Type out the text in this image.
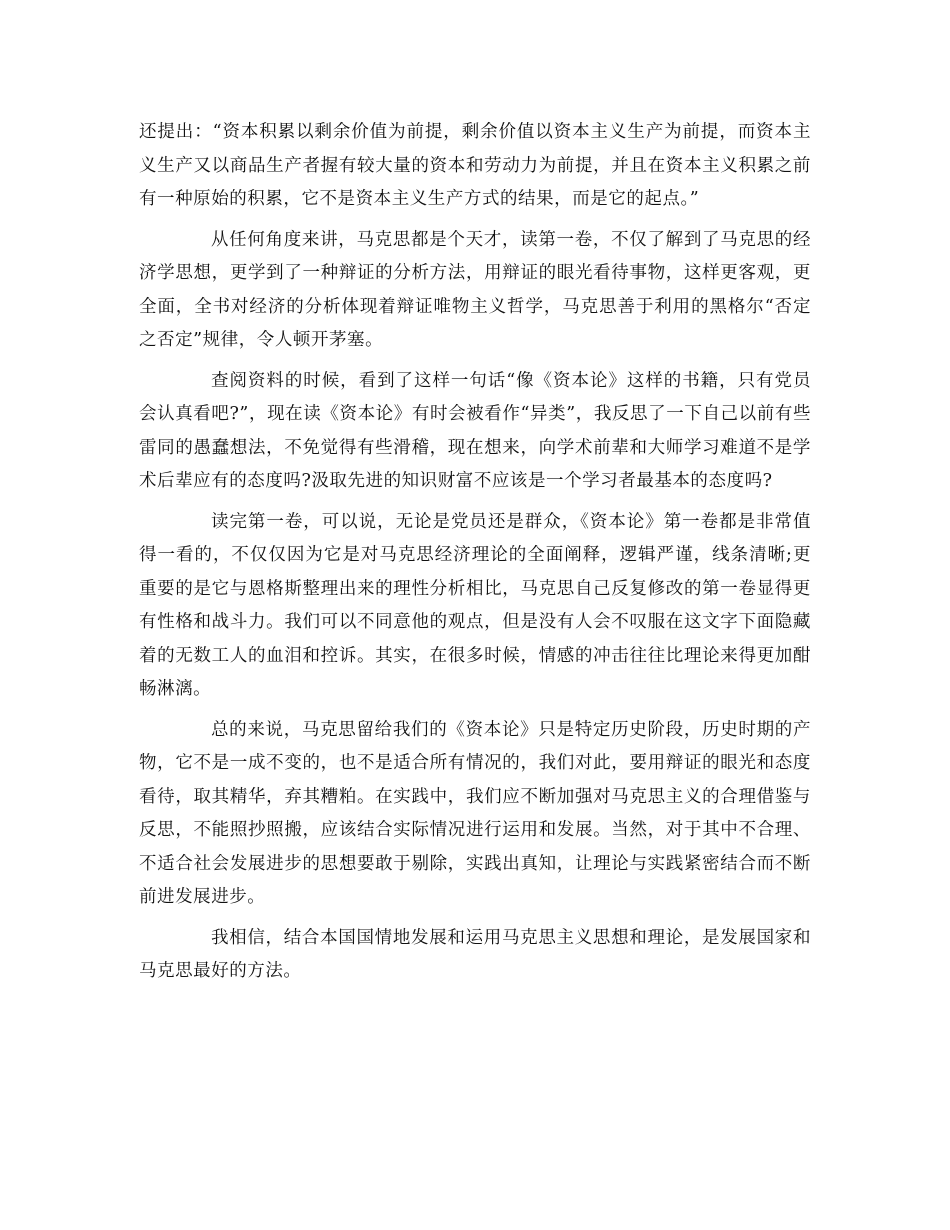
还提出：“资本积累以剩余价值为前提，剩余价值以资本主义生产为前提，而资本主义生产又以商品生产者握有较大量的资本和劳动力为前提，并且在资本主义积累之前有一种原始的积累，它不是资本主义生产方式的结果，而是它的起点。”

从任何角度来讲，马克思都是个天才，读第一卷，不仅了解到了马克思的经济学思想，更学到了一种辩证的分析方法，用辩证的眼光看待事物，这样更客观，更全面，全书对经济的分析体现着辩证唯物主义哲学，马克思善于利用的黑格尔“否定之否定”规律，令人顿开茅塞。

查阅资料的时候，看到了这样一句话“像《资本论》这样的书籍，只有党员会认真看吧?”，现在读《资本论》有时会被看作“异类”，我反思了一下自己以前有些雷同的愚蠢想法，不免觉得有些滑稽，现在想来，向学术前辈和大师学习难道不是学术后辈应有的态度吗?汲取先进的知识财富不应该是一个学习者最基本的态度吗?

读完第一卷，可以说，无论是党员还是群众，《资本论》第一卷都是非常值得一看的，不仅仅因为它是对马克思经济理论的全面阐释，逻辑严谨，线条清晰;更重要的是它与恩格斯整理出来的理性分析相比，马克思自己反复修改的第一卷显得更有性格和战斗力。我们可以不同意他的观点，但是没有人会不叹服在这文字下面隐藏着的无数工人的血泪和控诉。其实，在很多时候，情感的冲击往往比理论来得更加酣畅淋漓。

总的来说，马克思留给我们的《资本论》只是特定历史阶段，历史时期的产物，它不是一成不变的，也不是适合所有情况的，我们对此，要用辩证的眼光和态度看待，取其精华，弃其糟粕。在实践中，我们应不断加强对马克思主义的合理借鉴与反思，不能照抄照搬，应该结合实际情况进行运用和发展。当然，对于其中不合理、不适合社会发展进步的思想要敢于剔除，实践出真知，让理论与实践紧密结合而不断前进发展进步。

我相信，结合本国国情地发展和运用马克思主义思想和理论，是发展国家和马克思最好的方法。
